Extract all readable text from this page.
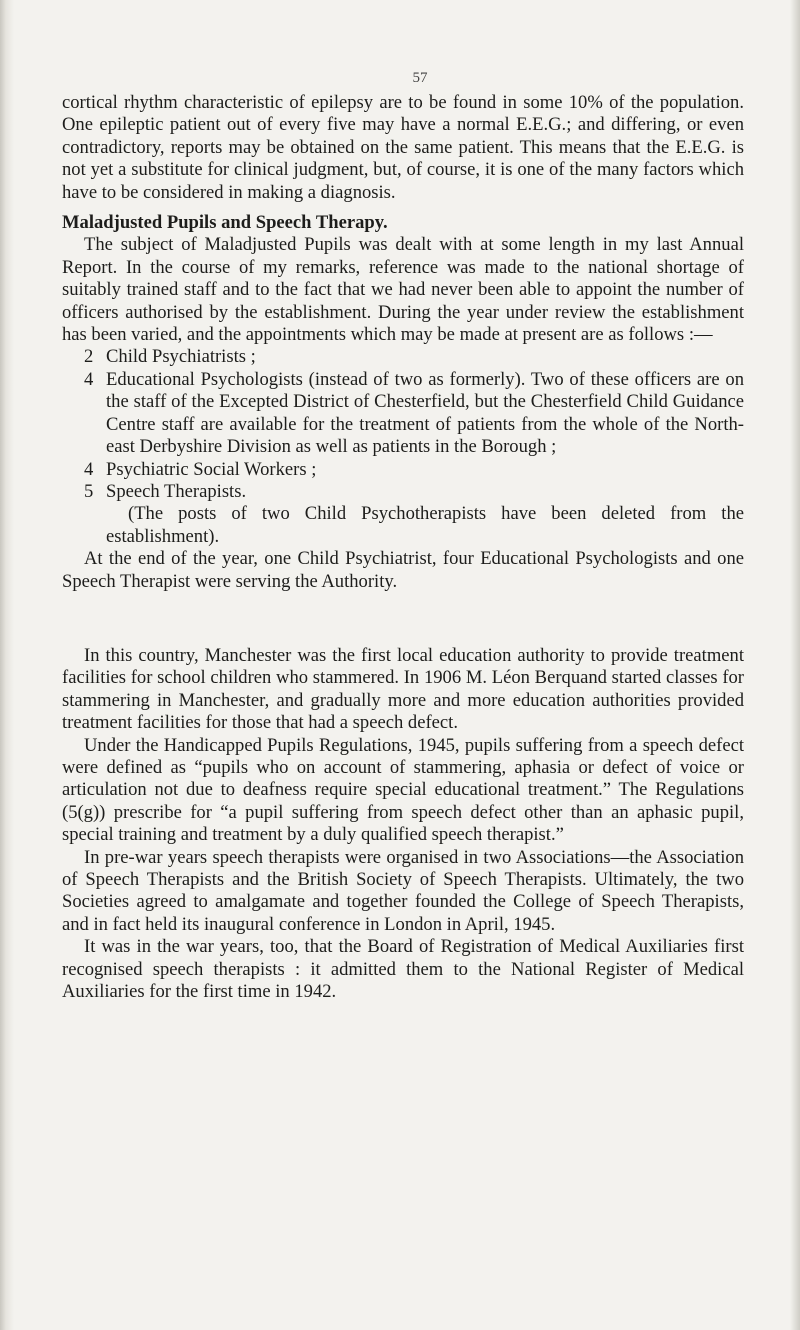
57

cortical rhythm characteristic of epilepsy are to be found in some 10% of the population. One epileptic patient out of every five may have a normal E.E.G.; and differing, or even contradictory, reports may be obtained on the same patient. This means that the E.E.G. is not yet a substitute for clinical judgment, but, of course, it is one of the many factors which have to be considered in making a diagnosis.

Maladjusted Pupils and Speech Therapy.

The subject of Maladjusted Pupils was dealt with at some length in my last Annual Report. In the course of my remarks, reference was made to the national shortage of suitably trained staff and to the fact that we had never been able to appoint the number of officers authorised by the establishment. During the year under review the establishment has been varied, and the appointments which may be made at present are as follows :—

2 Child Psychiatrists ;
4 Educational Psychologists (instead of two as formerly). Two of these officers are on the staff of the Excepted District of Chesterfield, but the Chesterfield Child Guidance Centre staff are available for the treatment of patients from the whole of the North-east Derbyshire Division as well as patients in the Borough ;
4 Psychiatric Social Workers ;
5 Speech Therapists.

(The posts of two Child Psychotherapists have been deleted from the establishment).

At the end of the year, one Child Psychiatrist, four Educational Psychologists and one Speech Therapist were serving the Authority.

In this country, Manchester was the first local education authority to provide treatment facilities for school children who stammered. In 1906 M. Léon Berquand started classes for stammering in Manchester, and gradually more and more education authorities provided treatment facilities for those that had a speech defect.

Under the Handicapped Pupils Regulations, 1945, pupils suffering from a speech defect were defined as “pupils who on account of stammering, aphasia or defect of voice or articulation not due to deafness require special educational treatment.” The Regulations (5(g)) prescribe for “a pupil suffering from speech defect other than an aphasic pupil, special training and treatment by a duly qualified speech therapist.”

In pre-war years speech therapists were organised in two Associations—the Association of Speech Therapists and the British Society of Speech Therapists. Ultimately, the two Societies agreed to amalgamate and together founded the College of Speech Therapists, and in fact held its inaugural conference in London in April, 1945.

It was in the war years, too, that the Board of Registration of Medical Auxiliaries first recognised speech therapists : it admitted them to the National Register of Medical Auxiliaries for the first time in 1942.
